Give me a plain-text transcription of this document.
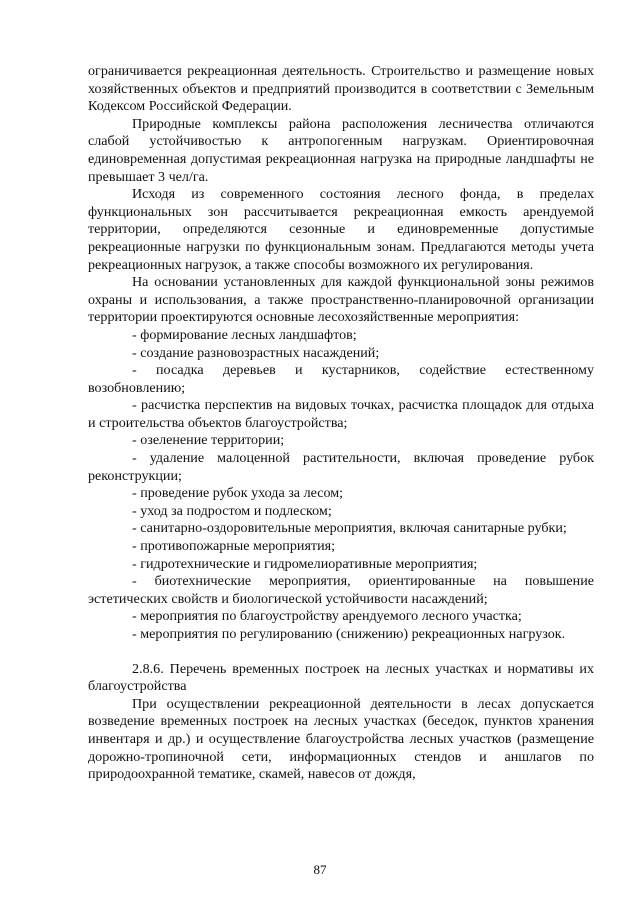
ограничивается рекреационная деятельность. Строительство и размещение новых хозяйственных объектов и предприятий производится в соответствии с Земельным Кодексом Российской Федерации.

Природные комплексы района расположения лесничества отличаются слабой устойчивостью к антропогенным нагрузкам. Ориентировочная единовременная допустимая рекреационная нагрузка на природные ландшафты не превышает 3 чел/га.

Исходя из современного состояния лесного фонда, в пределах функциональных зон рассчитывается рекреационная емкость арендуемой территории, определяются сезонные и единовременные допустимые рекреационные нагрузки по функциональным зонам. Предлагаются методы учета рекреационных нагрузок, а также способы возможного их регулирования.

На основании установленных для каждой функциональной зоны режимов охраны и использования, а также пространственно-планировочной организации территории проектируются основные лесохозяйственные мероприятия:

- формирование лесных ландшафтов;

- создание разновозрастных насаждений;

- посадка деревьев и кустарников, содействие естественному возобновлению;

- расчистка перспектив на видовых точках, расчистка площадок для отдыха и строительства объектов благоустройства;

- озеленение территории;

- удаление малоценной растительности, включая проведение рубок реконструкции;

- проведение рубок ухода за лесом;

- уход за подростом и подлеском;

- санитарно-оздоровительные мероприятия, включая санитарные рубки;

- противопожарные мероприятия;

- гидротехнические и гидромелиоративные мероприятия;

- биотехнические мероприятия, ориентированные на повышение эстетических свойств и биологической устойчивости насаждений;

- мероприятия по благоустройству арендуемого лесного участка;

- мероприятия по регулированию (снижению) рекреационных нагрузок.

2.8.6. Перечень временных построек на лесных участках и нормативы их благоустройства

При осуществлении рекреационной деятельности в лесах допускается возведение временных построек на лесных участках (беседок, пунктов хранения инвентаря и др.) и осуществление благоустройства лесных участков (размещение дорожно-тропиночной сети, информационных стендов и аншлагов по природоохранной тематике, скамей, навесов от дождя,

87
